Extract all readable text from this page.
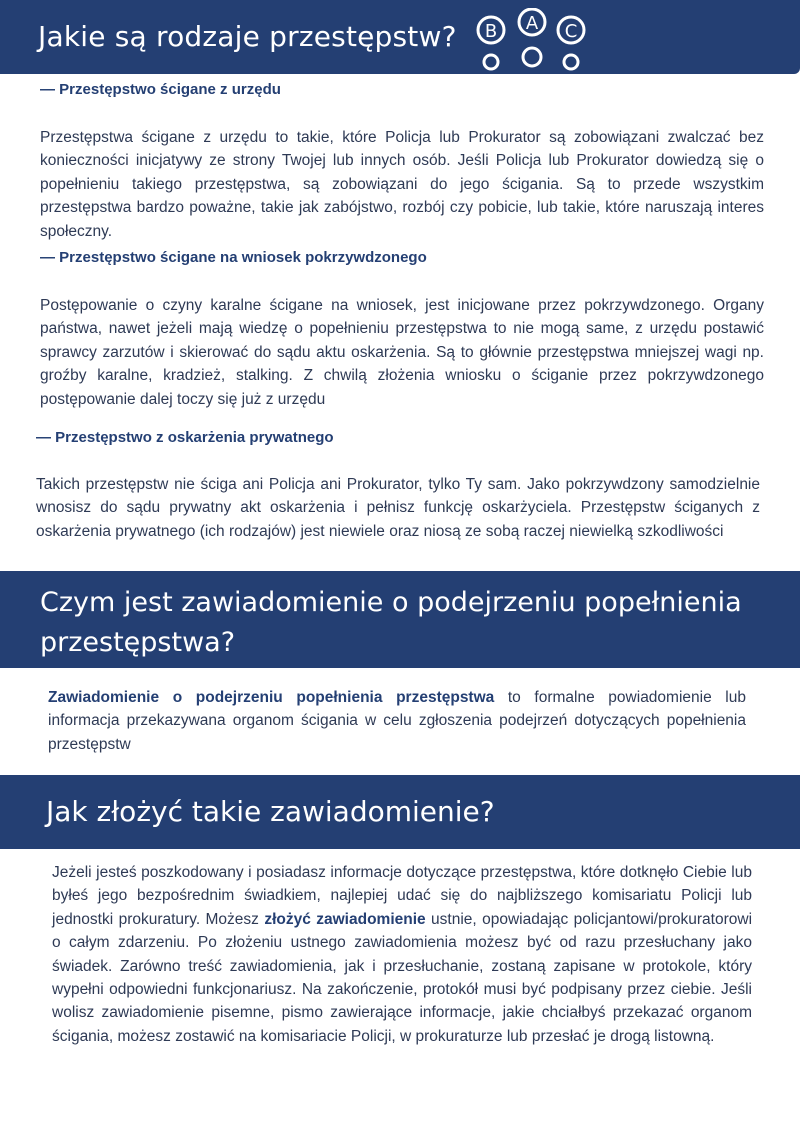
Jakie są rodzaje przestępstw? B A C
— Przestępstwo ścigane z urzędu

Przestępstwa ścigane z urzędu to takie, które Policja lub Prokurator są zobowiązani zwalczać bez konieczności inicjatywy ze strony Twojej lub innych osób. Jeśli Policja lub Prokurator dowiedzą się o popełnieniu takiego przestępstwa, są zobowiązani do jego ścigania. Są to przede wszystkim przestępstwa bardzo poważne, takie jak zabójstwo, rozbój czy pobicie, lub takie, które naruszają interes społeczny.

— Przestępstwo ścigane na wniosek pokrzywdzonego

Postępowanie o czyny karalne ścigane na wniosek, jest inicjowane przez pokrzywdzonego. Organy państwa, nawet jeżeli mają wiedzę o popełnieniu przestępstwa to nie mogą same, z urzędu postawić sprawcy zarzutów i skierować do sądu aktu oskarżenia. Są to głównie przestępstwa mniejszej wagi np. groźby karalne, kradzież, stalking. Z chwilą złożenia wniosku o ściganie przez pokrzywdzonego postępowanie dalej toczy się już z urzędu

— Przestępstwo z oskarżenia prywatnego

Takich przestępstw nie ściga ani Policja ani Prokurator, tylko Ty sam. Jako pokrzywdzony samodzielnie wnosisz do sądu prywatny akt oskarżenia i pełnisz funkcję oskarżyciela. Przestępstw ściganych z oskarżenia prywatnego (ich rodzajów) jest niewiele oraz niosą ze sobą raczej niewielką szkodliwości

Czym jest zawiadomienie o podejrzeniu popełnienia przestępstwa?

Zawiadomienie o podejrzeniu popełnienia przestępstwa to formalne powiadomienie lub informacja przekazywana organom ścigania w celu zgłoszenia podejrzeń dotyczących popełnienia przestępstw

Jak złożyć takie zawiadomienie?

Jeżeli jesteś poszkodowany i posiadasz informacje dotyczące przestępstwa, które dotknęło Ciebie lub byłeś jego bezpośrednim świadkiem, najlepiej udać się do najbliższego komisariatu Policji lub jednostki prokuratury. Możesz złożyć zawiadomienie ustnie, opowiadając policjantowi/prokuratorowi o całym zdarzeniu. Po złożeniu ustnego zawiadomienia możesz być od razu przesłuchany jako świadek. Zarówno treść zawiadomienia, jak i przesłuchanie, zostaną zapisane w protokole, który wypełni odpowiedni funkcjonariusz. Na zakończenie, protokół musi być podpisany przez ciebie. Jeśli wolisz zawiadomienie pisemne, pismo zawierające informacje, jakie chciałbyś przekazać organom ścigania, możesz zostawić na komisariacie Policji, w prokuraturze lub przesłać je drogą listowną.
